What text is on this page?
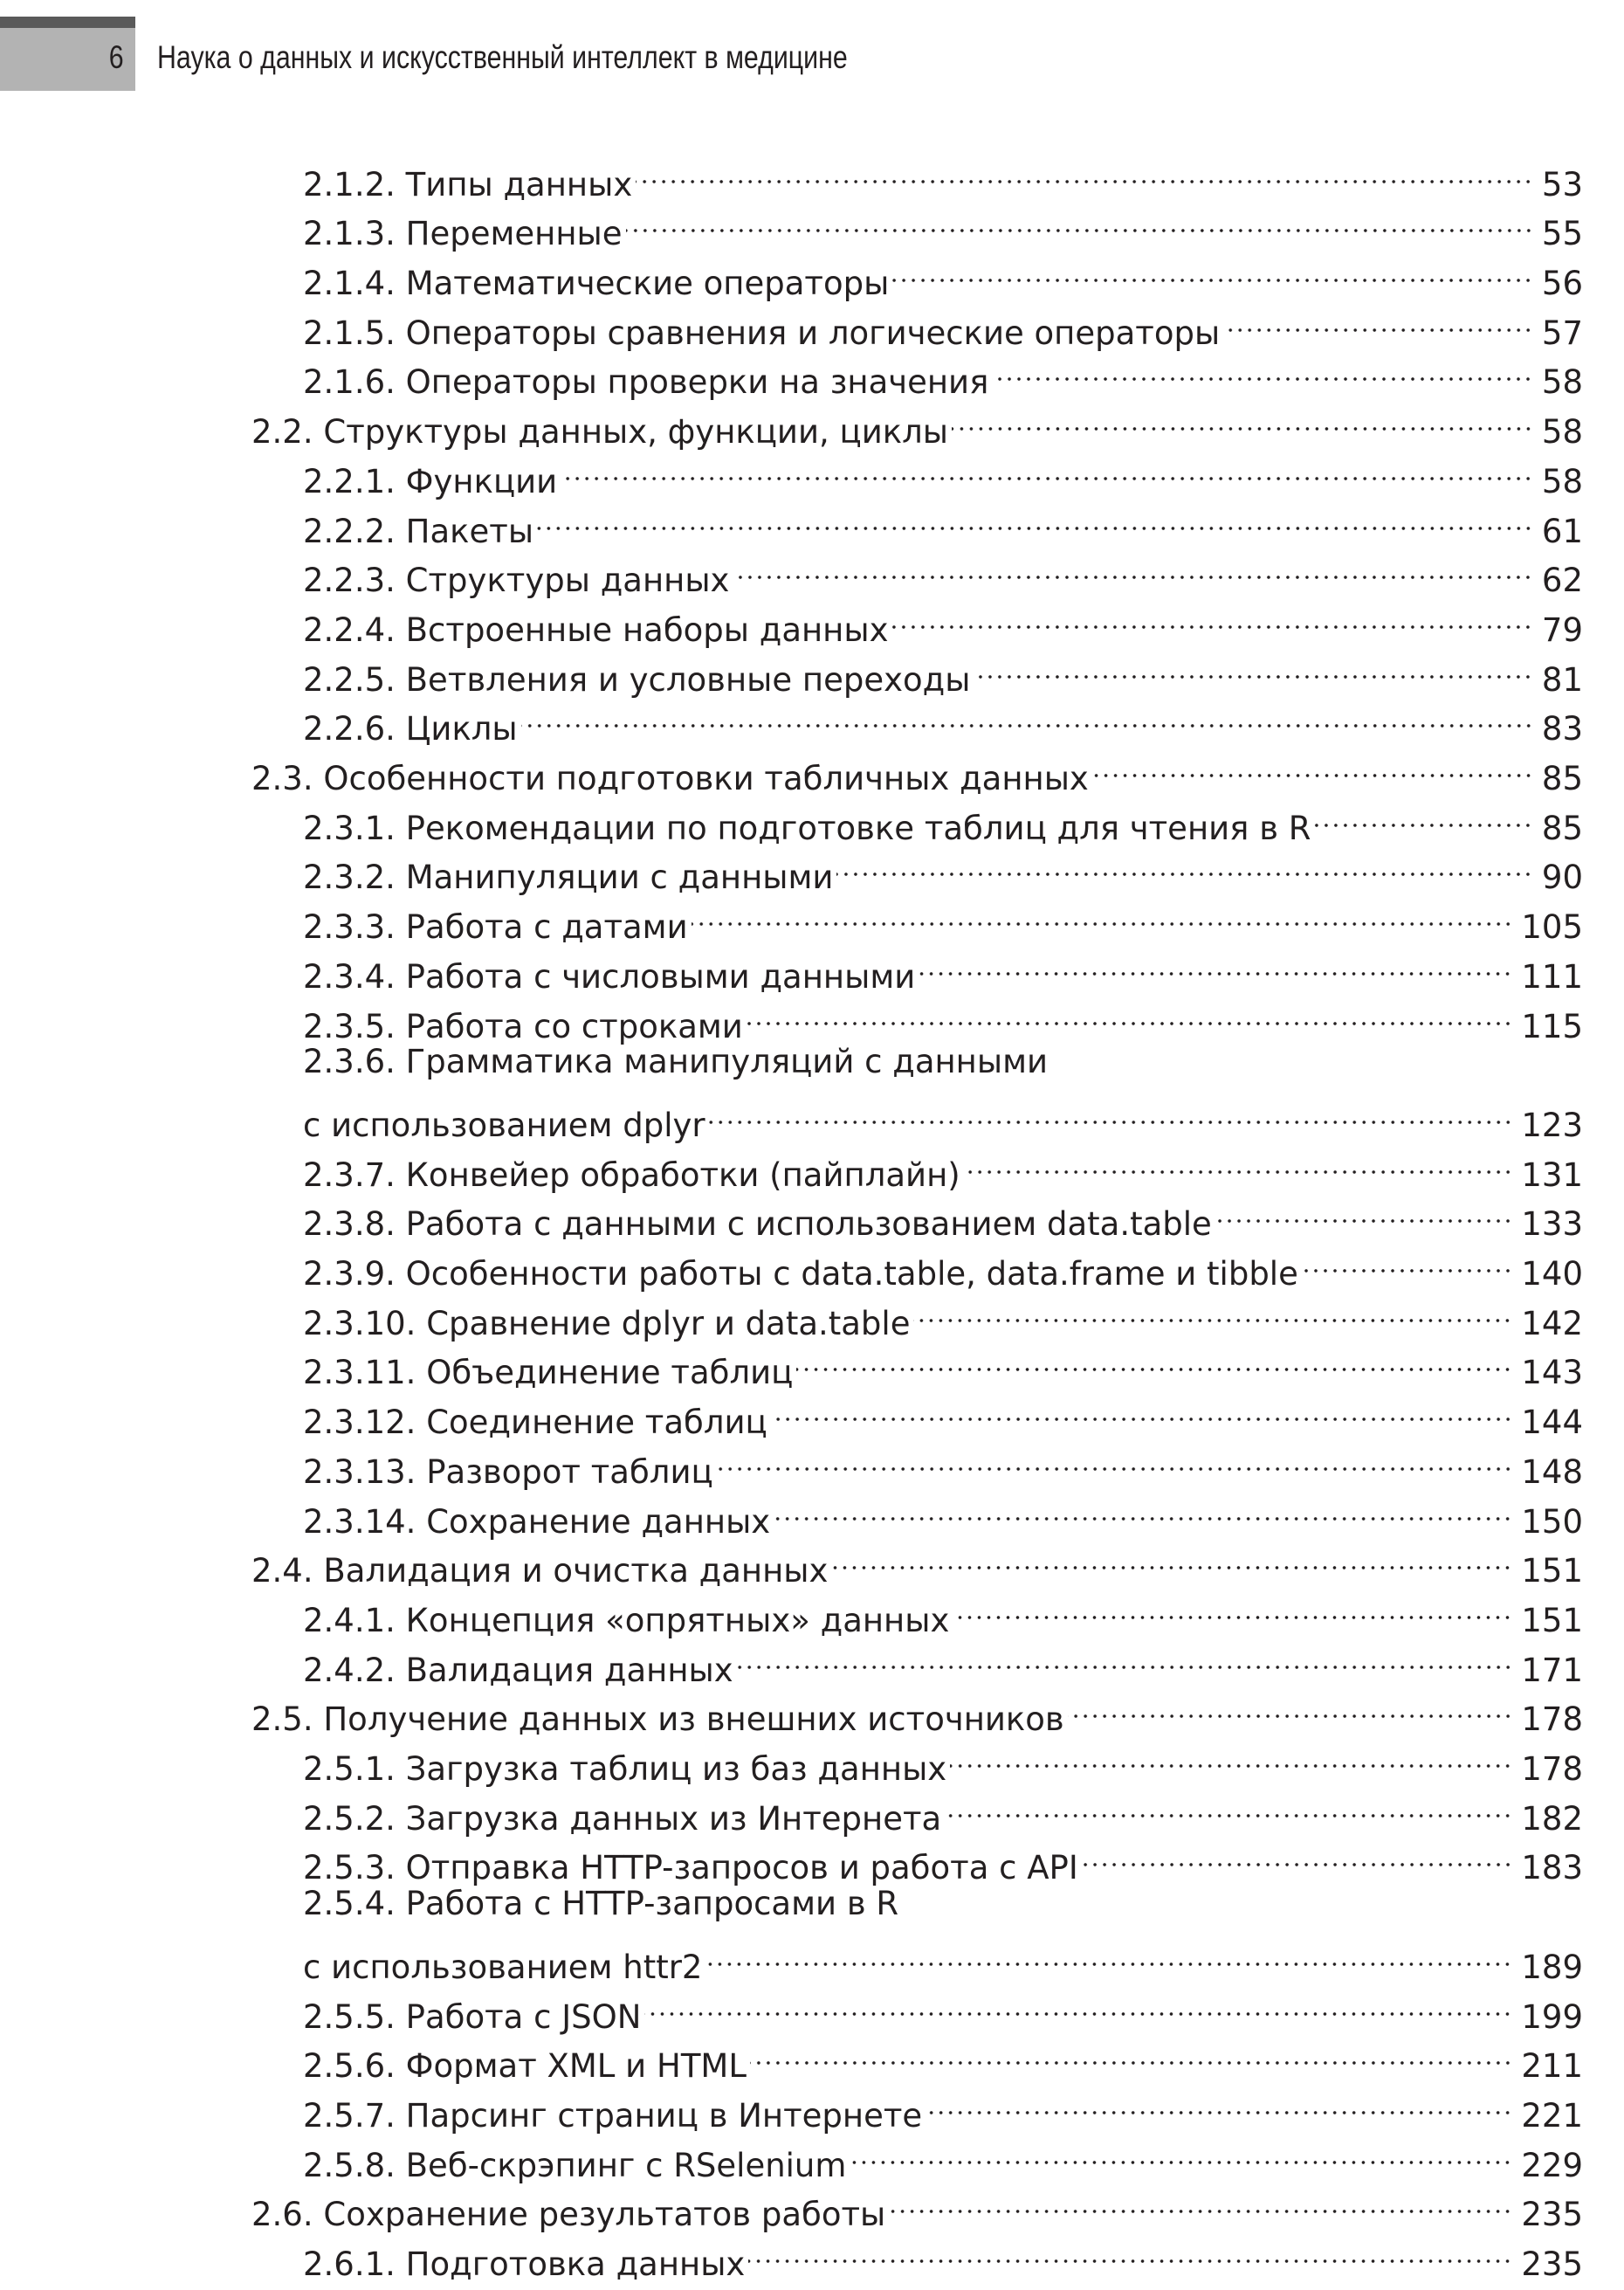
6 Наука о данных и искусственный интеллект в медицине
2.1.2. Типы данных	53
2.1.3. Переменные	55
2.1.4. Математические операторы	56
2.1.5. Операторы сравнения и логические операторы	57
2.1.6. Операторы проверки на значения	58
2.2. Структуры данных, функции, циклы	58
2.2.1. Функции	58
2.2.2. Пакеты	61
2.2.3. Структуры данных	62
2.2.4. Встроенные наборы данных	79
2.2.5. Ветвления и условные переходы	81
2.2.6. Циклы	83
2.3. Особенности подготовки табличных данных	85
2.3.1. Рекомендации по подготовке таблиц для чтения в R	85
2.3.2. Манипуляции с данными	90
2.3.3. Работа с датами	105
2.3.4. Работа с числовыми данными	111
2.3.5. Работа со строками	115
2.3.6. Грамматика манипуляций с данными
с использованием dplyr	123
2.3.7. Конвейер обработки (пайплайн)	131
2.3.8. Работа с данными с использованием data.table	133
2.3.9. Особенности работы с data.table, data.frame и tibble	140
2.3.10. Сравнение dplyr и data.table	142
2.3.11. Объединение таблиц	143
2.3.12. Соединение таблиц	144
2.3.13. Разворот таблиц	148
2.3.14. Сохранение данных	150
2.4. Валидация и очистка данных	151
2.4.1. Концепция «опрятных» данных	151
2.4.2. Валидация данных	171
2.5. Получение данных из внешних источников	178
2.5.1. Загрузка таблиц из баз данных	178
2.5.2. Загрузка данных из Интернета	182
2.5.3. Отправка HTTP-запросов и работа с API	183
2.5.4. Работа с HTTP-запросами в R
с использованием httr2	189
2.5.5. Работа с JSON	199
2.5.6. Формат XML и HTML	211
2.5.7. Парсинг страниц в Интернете	221
2.5.8. Веб-скрэпинг с RSelenium	229
2.6. Сохранение результатов работы	235
2.6.1. Подготовка данных	235
